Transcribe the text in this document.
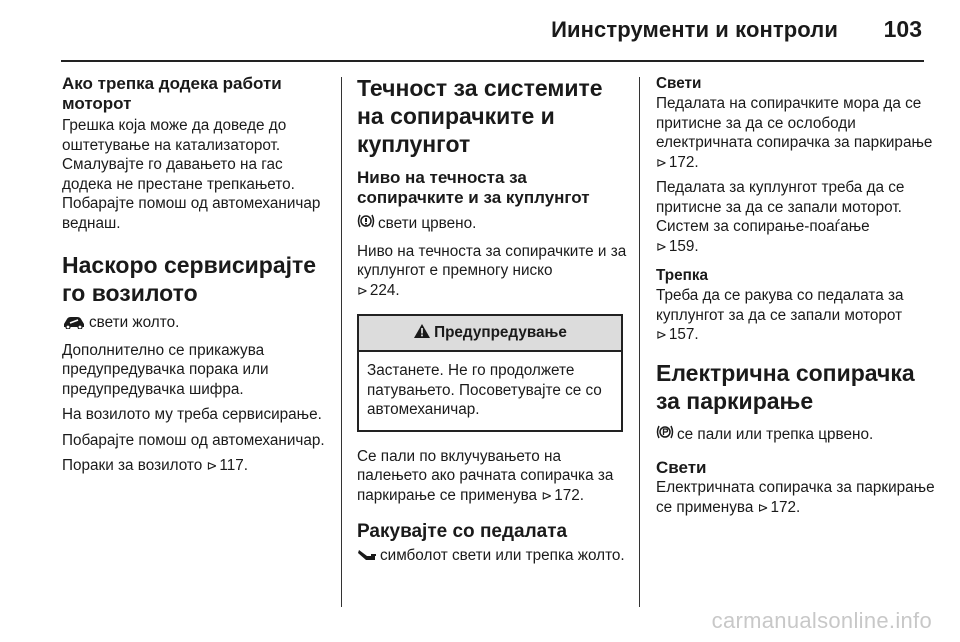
Иинструменти и контроли 103
Ако трепка додека работи моторот
Грешка која може да доведе до оштетување на катализаторот. Смалувајте го давањето на гас додека не престане трепкањето. Побарајте помош од автомеханичар веднаш.
Наскоро сервисирајте го возилото
свети жолто.
Дополнително се прикажува предупредувачка порака или предупредувачка шифра.
На возилото му треба сервисирање.
Побарајте помош од автомеханичар.
Пораки за возилото ⊳ 117.
Течност за системите на сопирачките и куплунгот
Ниво на течноста за сопирачките и за куплунгот
свети црвено.
Ниво на течноста за сопирачките и за куплунгот е премногу ниско
⊳ 224.
Предупредување
Застанете. Не го продолжете патувањето. Посоветувајте се со автомеханичар.
Се пали по вклучувањето на палењето ако рачната сопирачка за паркирање се применува ⊳ 172.
Ракувајте со педалата
симболот свети или трепка жолто.
Свети
Педалата на сопирачките мора да се притисне за да се ослободи електричната сопирачка за паркирање ⊳ 172.
Педалата за куплунгот треба да се притисне за да се запали моторот. Систем за сопирање-поаѓање
⊳ 159.
Трепка
Треба да се ракува со педалата за куплунгот за да се запали моторот
⊳ 157.
Електрична сопирачка за паркирање
се пали или трепка црвено.
Свети
Електричната сопирачка за паркирање се применува ⊳ 172.
carmanualsonline.info
